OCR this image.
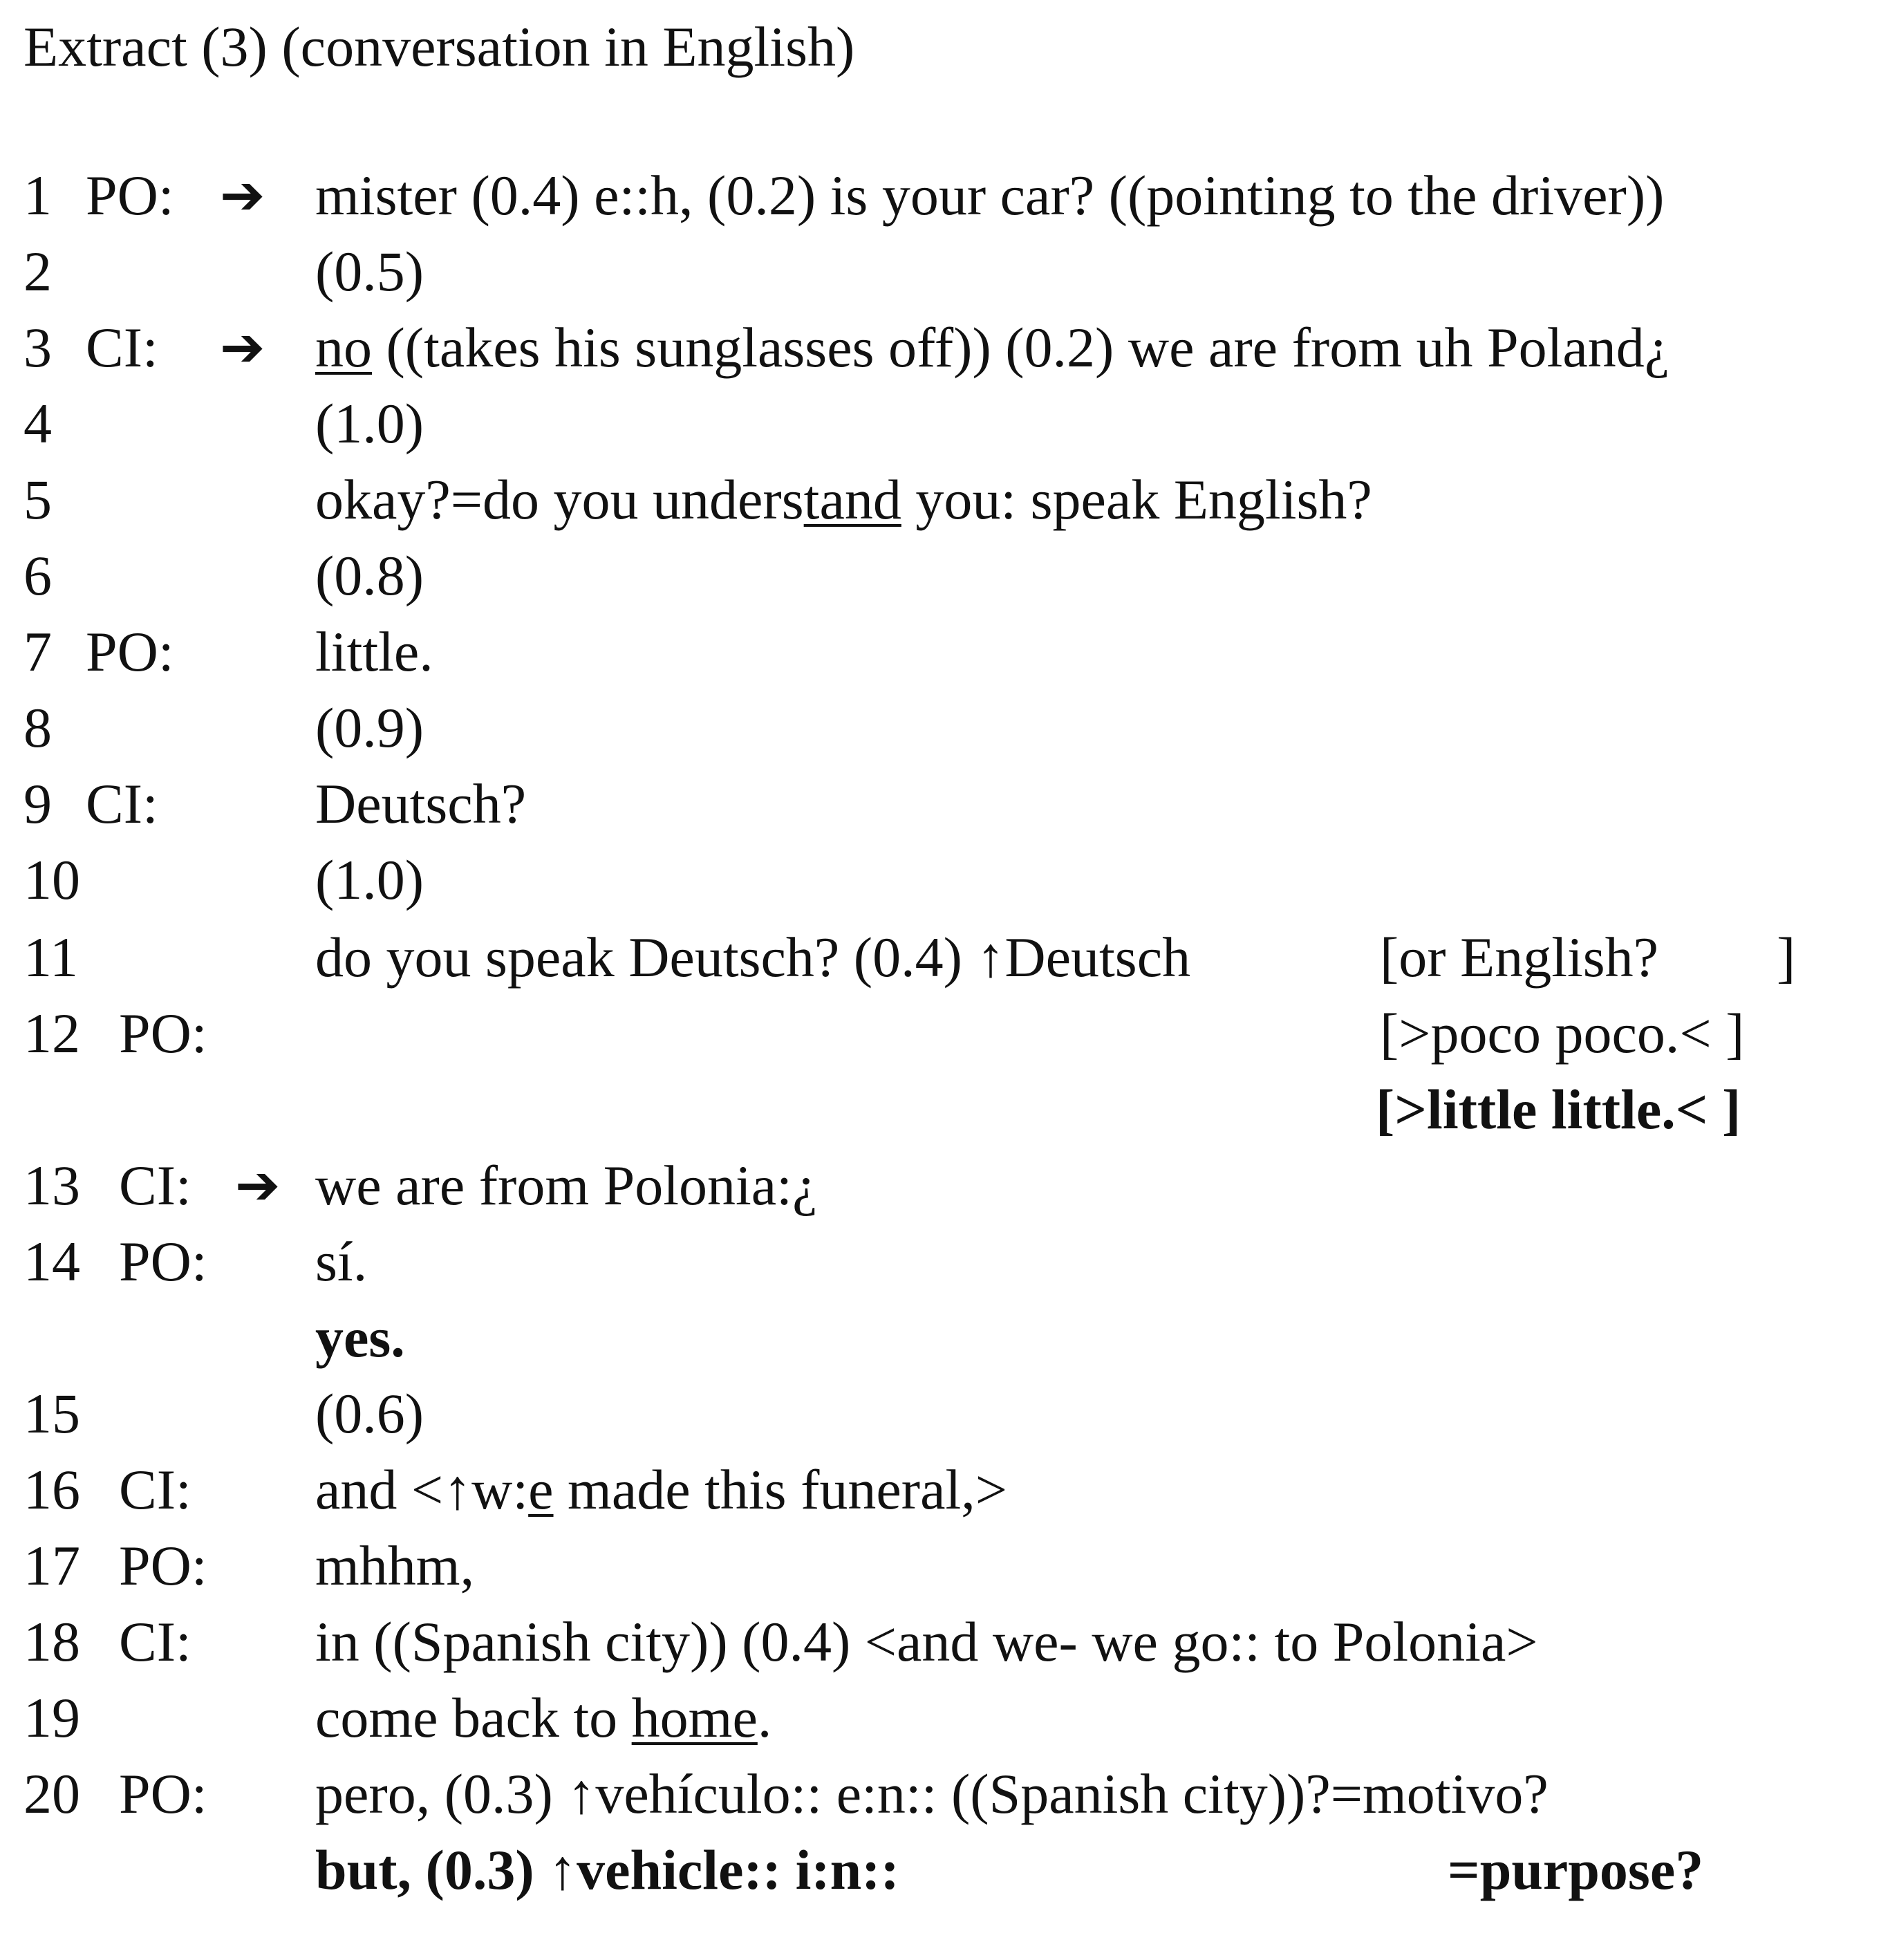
Extract (3) (conversation in English)
1 PO: ➔ mister (0.4) e::h, (0.2) is your car? ((pointing to the driver))
2	(0.5)
3 CI: ➔ no ((takes his sunglasses off)) (0.2) we are from uh Poland¿
4	(1.0)
5	okay?=do you understand you: speak English?
6	(0.8)
7 PO: little.
8	(0.9)
9 CI:	Deutsch?
10	(1.0)
11	do you speak Deutsch? (0.4) ↑Deutsch	[or English? ]
12 PO:	[>poco poco.< ]
[>little little.< ]
13 CI: ➔ we are from Polonia:¿
14 PO: sí.
yes.
15	(0.6)
16 CI: and <↑w:e made this funeral,>
17 PO: mhhm,
18 CI: in ((Spanish city)) (0.4) <and we- we go:: to Polonia>
19	come back to home.
20 PO: pero, (0.3) ↑vehículo:: e:n:: ((Spanish city))?=motivo?
but, (0.3) ↑vehicle:: i:n::	=purpose?
